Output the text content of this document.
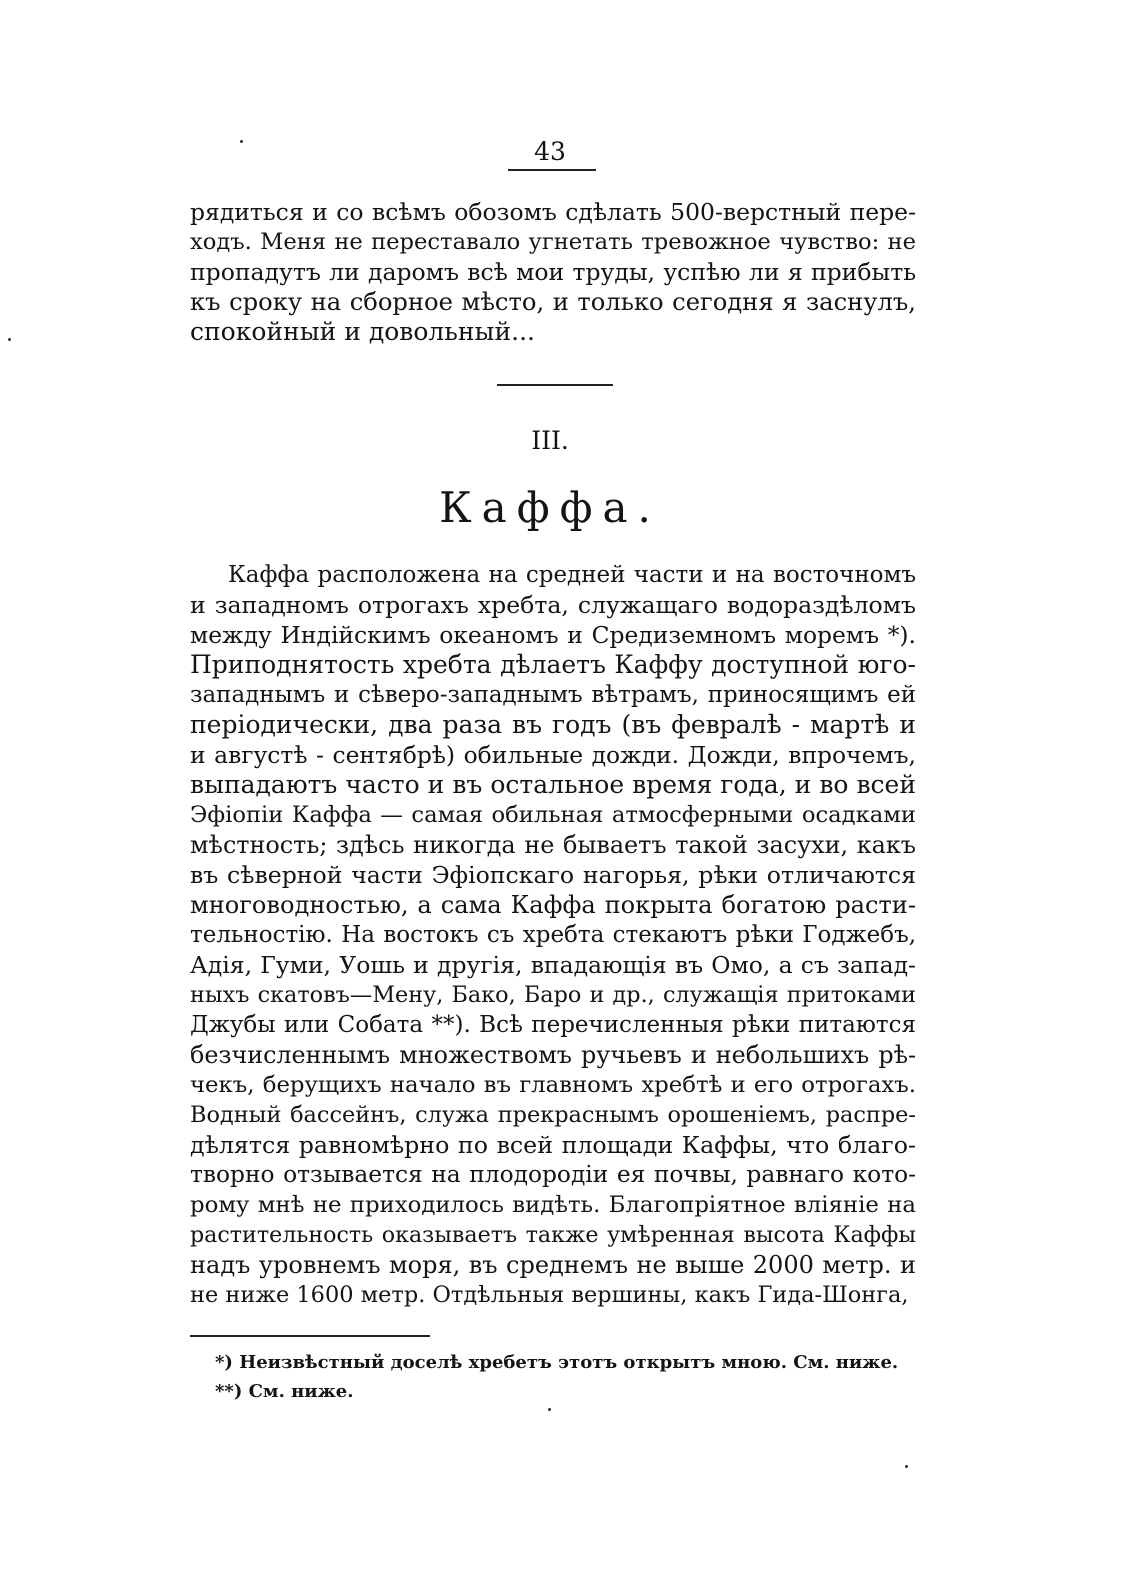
43
рядиться и со всѣмъ обозомъ сдѣлать 500-верстный пере-
ходъ. Меня не переставало угнетать тревожное чувство: не
пропадутъ ли даромъ всѣ мои труды, успѣю ли я прибыть
къ сроку на сборное мѣсто, и только сегодня я заснулъ,
спокойный и довольный...
III.
Каффа.
Каффа расположена на средней части и на восточномъ
и западномъ отрогахъ хребта, служащаго водораздѣломъ
между Индійскимъ океаномъ и Средиземномъ моремъ *).
Приподнятость хребта дѣлаетъ Каффу доступной юго-
западнымъ и сѣверо-западнымъ вѣтрамъ, приносящимъ ей
періодически, два раза въ годъ (въ февралѣ - мартѣ и
и августѣ - сентябрѣ) обильные дожди. Дожди, впрочемъ,
выпадаютъ часто и въ остальное время года, и во всей
Эфіопіи Каффа — самая обильная атмосферными осадками
мѣстность; здѣсь никогда не бываетъ такой засухи, какъ
въ сѣверной части Эфіопскаго нагорья, рѣки отличаются
многоводностью, а сама Каффа покрыта богатою расти-
тельностію. На востокъ съ хребта стекаютъ рѣки Годжебъ,
Адія, Гуми, Уошь и другія, впадающія въ Омо, а съ запад-
ныхъ скатовъ—Мену, Бако, Баро и др., служащія притоками
Джубы или Собата **). Всѣ перечисленныя рѣки питаются
безчисленнымъ множествомъ ручьевъ и небольшихъ рѣ-
чекъ, берущихъ начало въ главномъ хребтѣ и его отрогахъ.
Водный бассейнъ, служа прекраснымъ орошеніемъ, распре-
дѣлятся равномѣрно по всей площади Каффы, что благо-
творно отзывается на плодородіи ея почвы, равнаго кото-
рому мнѣ не приходилось видѣть. Благопріятное вліяніе на
растительность оказываетъ также умѣренная высота Каффы
надъ уровнемъ моря, въ среднемъ не выше 2000 метр. и
не ниже 1600 метр. Отдѣльныя вершины, какъ Гида-Шонга,
*) Неизвѣстный доселѣ хребетъ этотъ открытъ мною. См. ниже.
**) См. ниже.
